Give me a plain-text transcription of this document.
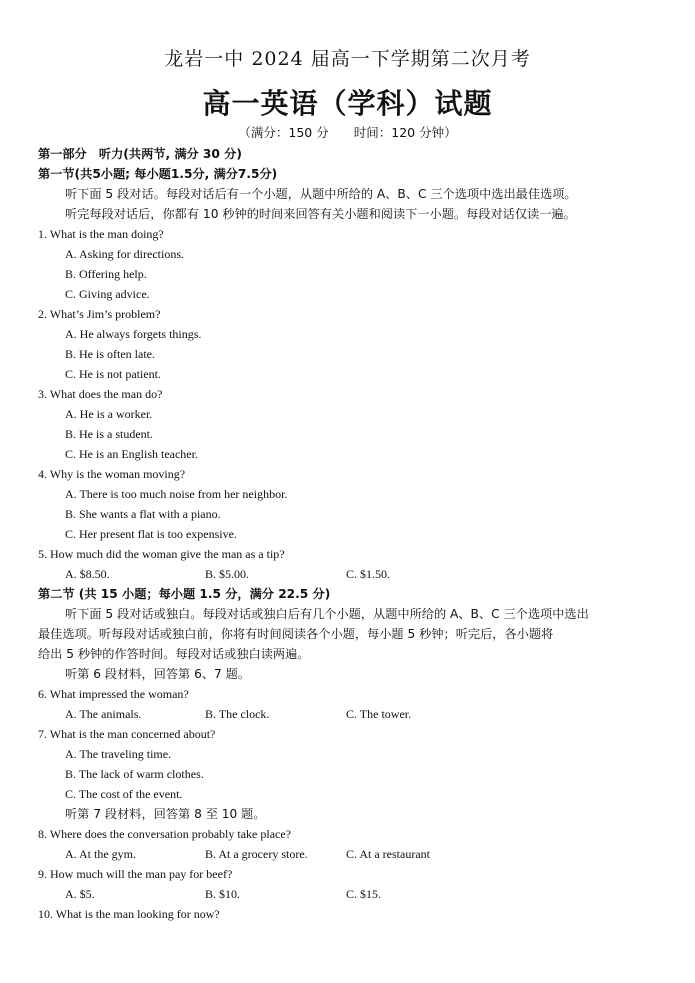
龙岩一中 2024 届高一下学期第二次月考
高一英语（学科）试题
（满分：150 分　　时间：120 分钟）
第一部分　听力(共两节, 满分 30 分)
第一节(共5小题; 每小题1.5分, 满分7.5分)
听下面 5 段对话。每段对话后有一个小题，从题中所给的 A、B、C 三个选项中选出最佳选项。
听完每段对话后，你都有 10 秒钟的时间来回答有关小题和阅读下一小题。每段对话仅读一遍。
1. What is the man doing?
A. Asking for directions.
B. Offering help.
C. Giving advice.
2. What’s Jim’s problem?
A. He always forgets things.
B. He is often late.
C. He is not patient.
3. What does the man do?
A. He is a worker.
B. He is a student.
C. He is an English teacher.
4. Why is the woman moving?
A. There is too much noise from her neighbor.
B. She wants a flat with a piano.
C. Her present flat is too expensive.
5. How much did the woman give the man as a tip?
A. $8.50.	B. $5.00.	C. $1.50.
第二节 (共 15 小题；每小题 1.5 分，满分 22.5 分)
听下面 5 段对话或独白。每段对话或独白后有几个小题，从题中所给的 A、B、C 三个选项中选出
最佳选项。听每段对话或独白前，你将有时间阅读各个小题，每小题 5 秒钟；听完后，各小题将
给出 5 秒钟的作答时间。每段对话或独白读两遍。
听第 6 段材料，回答第 6、7 题。
6. What impressed the woman?
A. The animals.	B. The clock.	C. The tower.
7. What is the man concerned about?
A. The traveling time.
B. The lack of warm clothes.
C. The cost of the event.
听第 7 段材料，回答第 8 至 10 题。
8. Where does the conversation probably take place?
A. At the gym.	B. At a grocery store.	C. At a restaurant
9. How much will the man pay for beef?
A. $5.	B. $10.	C. $15.
10. What is the man looking for now?
